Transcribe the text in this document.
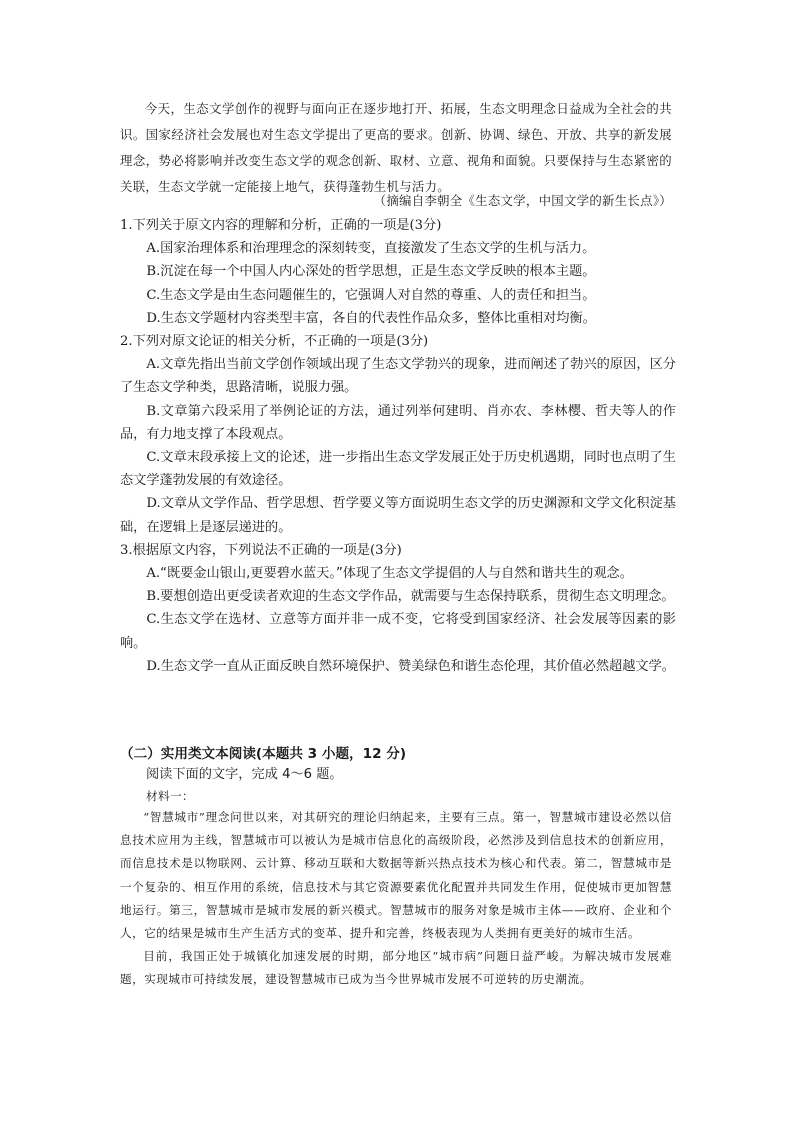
今天，生态文学创作的视野与面向正在逐步地打开、拓展，生态文明理念日益成为全社会的共识。国家经济社会发展也对生态文学提出了更高的要求。创新、协调、绿色、开放、共享的新发展理念，势必将影响并改变生态文学的观念创新、取材、立意、视角和面貌。只要保持与生态紧密的关联，生态文学就一定能接上地气，获得蓬勃生机与活力。

（摘编自李朝全《生态文学，中国文学的新生长点》）

1.下列关于原文内容的理解和分析，正确的一项是(3分)

A.国家治理体系和治理理念的深刻转变，直接激发了生态文学的生机与活力。

B.沉淀在每一个中国人内心深处的哲学思想，正是生态文学反映的根本主题。

C.生态文学是由生态问题催生的，它强调人对自然的尊重、人的责任和担当。

D.生态文学题材内容类型丰富，各自的代表性作品众多，整体比重相对均衡。

2.下列对原文论证的相关分析，不正确的一项是(3分)

A.文章先指出当前文学创作领域出现了生态文学勃兴的现象，进而阐述了勃兴的原因，区分了生态文学种类，思路清晰，说服力强。

B.文章第六段采用了举例论证的方法，通过列举何建明、肖亦农、李林樱、哲夫等人的作品，有力地支撑了本段观点。

C.文章末段承接上文的论述，进一步指出生态文学发展正处于历史机遇期，同时也点明了生态文学蓬勃发展的有效途径。

D.文章从文学作品、哲学思想、哲学要义等方面说明生态文学的历史渊源和文学文化积淀基础，在逻辑上是逐层递进的。

3.根据原文内容，下列说法不正确的一项是(3分)

A.“既要金山银山,更要碧水蓝天。”体现了生态文学提倡的人与自然和谐共生的观念。

B.要想创造出更受读者欢迎的生态文学作品，就需要与生态保持联系，贯彻生态文明理念。

C.生态文学在选材、立意等方面并非一成不变，它将受到国家经济、社会发展等因素的影响。

D.生态文学一直从正面反映自然环境保护、赞美绿色和谐生态伦理，其价值必然超越文学。

（二）实用类文本阅读(本题共 3 小题，12 分)

阅读下面的文字，完成 4～6 题。

材料一：

“智慧城市”理念问世以来，对其研究的理论归纳起来，主要有三点。第一，智慧城市建设必然以信息技术应用为主线，智慧城市可以被认为是城市信息化的高级阶段，必然涉及到信息技术的创新应用，而信息技术是以物联网、云计算、移动互联和大数据等新兴热点技术为核心和代表。第二，智慧城市是一个复杂的、相互作用的系统，信息技术与其它资源要素优化配置并共同发生作用，促使城市更加智慧地运行。第三，智慧城市是城市发展的新兴模式。智慧城市的服务对象是城市主体——政府、企业和个人，它的结果是城市生产生活方式的变革、提升和完善，终极表现为人类拥有更美好的城市生活。

目前，我国正处于城镇化加速发展的时期，部分地区“城市病”问题日益严峻。为解决城市发展难题，实现城市可持续发展，建设智慧城市已成为当今世界城市发展不可逆转的历史潮流。
